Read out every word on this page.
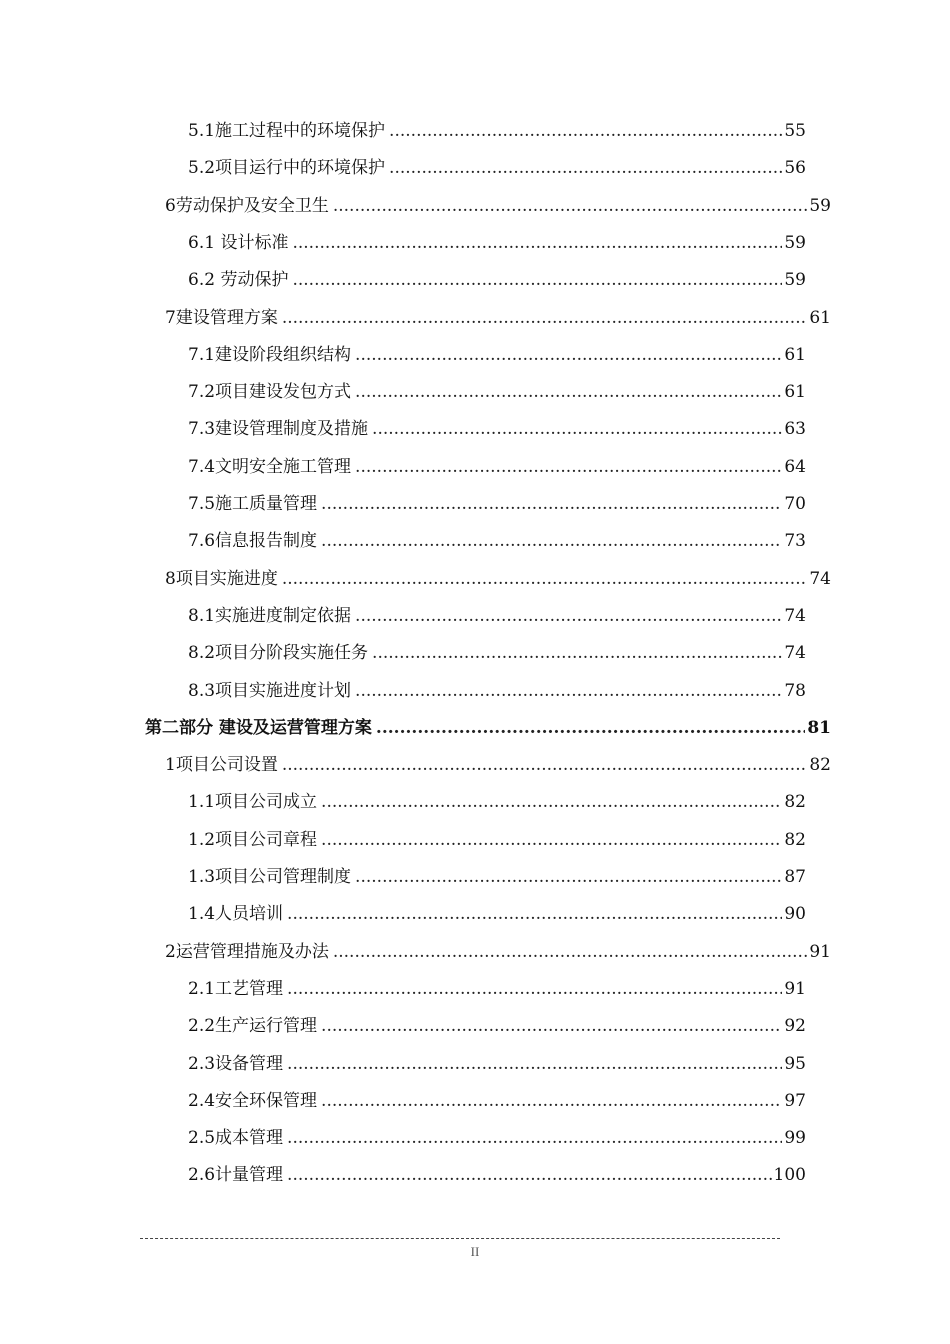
5.1施工过程中的环境保护 .....	55
5.2项目运行中的环境保护 .....	56
6劳动保护及安全卫生 .....	59
6.1 设计标准 .....	59
6.2 劳动保护 .....	59
7建设管理方案 .....	61
7.1建设阶段组织结构 .....	61
7.2项目建设发包方式 .....	61
7.3建设管理制度及措施 .....	63
7.4文明安全施工管理 .....	64
7.5施工质量管理 .....	70
7.6信息报告制度 .....	73
8项目实施进度 .....	74
8.1实施进度制定依据 .....	74
8.2项目分阶段实施任务 .....	74
8.3项目实施进度计划 .....	78
第二部分 建设及运营管理方案 .....	81
1项目公司设置 .....	82
1.1项目公司成立 .....	82
1.2项目公司章程 .....	82
1.3项目公司管理制度 .....	87
1.4人员培训 .....	90
2运营管理措施及办法 .....	91
2.1工艺管理 .....	91
2.2生产运行管理 .....	92
2.3设备管理 .....	95
2.4安全环保管理 .....	97
2.5成本管理 .....	99
2.6计量管理 .....	100
II
